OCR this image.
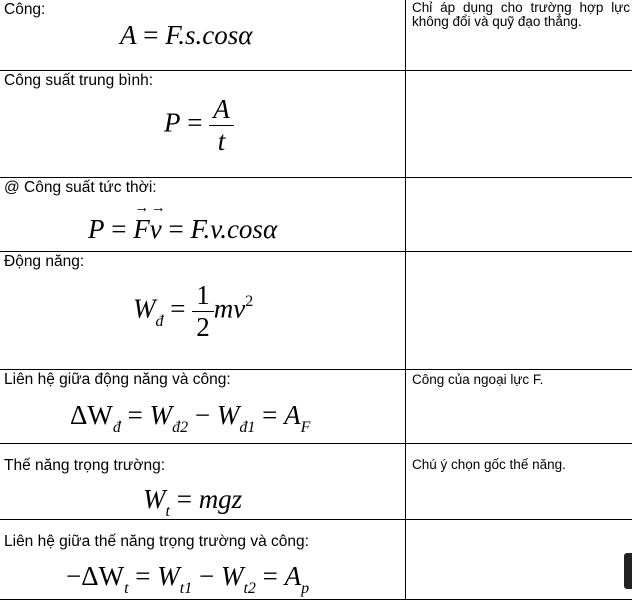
Công:
A = F.s.cosα	Chỉ áp dụng cho trường hợp lực không đổi và quỹ đạo thẳng.

Công suất trung bình:
$P = \frac{A}{t}$

@ Công suất tức thời:
P = → F→ v = F.v.cosα

Động năng:
$W_đ = \frac{1}{2} mv^2$

Liên hệ giữa động năng và công:
$\Delta W_đ = W_{đ2} - W_{đ1} = A_F$	Công của ngoại lực F.

Thế năng trọng trường:
$W_t$ = mgz	Chú ý chọn gốc thế năng.

Liên hệ giữa thế năng trọng trường và công:
$-\Delta W_t = W_{t1} - W_{t2} = A_p$
